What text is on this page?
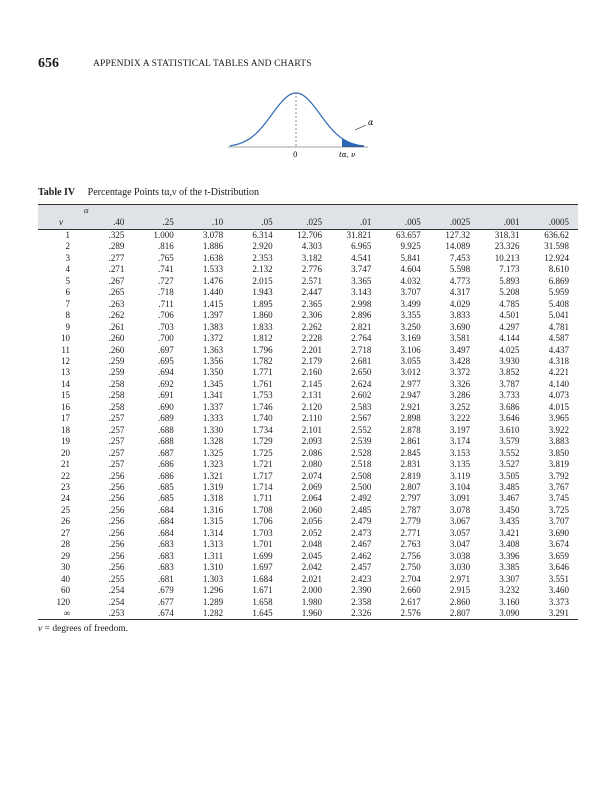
656	APPENDIX A STATISTICAL TABLES AND CHARTS
α
0	tα, ν
Table IV Percentage Points tα,ν of the t-Distribution
	α									
ν	.40	.25	.10	.05	.025	.01	.005	.0025	.001	.0005
1	.325	1.000	3.078	6.314	12.706	31.821	63.657	127.32	318.31	636.62
2	.289	.816	1.886	2.920	4.303	6.965	9.925	14.089	23.326	31.598
3	.277	.765	1.638	2.353	3.182	4.541	5.841	7.453	10.213	12.924
4	.271	.741	1.533	2.132	2.776	3.747	4.604	5.598	7.173	8.610
5	.267	.727	1.476	2.015	2.571	3.365	4.032	4.773	5.893	6.869
6	.265	.718	1.440	1.943	2.447	3.143	3.707	4.317	5.208	5.959
7	.263	.711	1.415	1.895	2.365	2.998	3.499	4.029	4.785	5.408
8	.262	.706	1.397	1.860	2.306	2.896	3.355	3.833	4.501	5.041
9	.261	.703	1.383	1.833	2.262	2.821	3.250	3.690	4.297	4.781
10	.260	.700	1.372	1.812	2.228	2.764	3.169	3.581	4.144	4.587
11	.260	.697	1.363	1.796	2.201	2.718	3.106	3.497	4.025	4.437
12	.259	.695	1.356	1.782	2.179	2.681	3.055	3.428	3.930	4.318
13	.259	.694	1.350	1.771	2.160	2.650	3.012	3.372	3.852	4.221
14	.258	.692	1.345	1.761	2.145	2.624	2.977	3.326	3.787	4.140
15	.258	.691	1.341	1.753	2.131	2.602	2.947	3.286	3.733	4.073
16	.258	.690	1.337	1.746	2.120	2.583	2.921	3.252	3.686	4.015
17	.257	.689	1.333	1.740	2.110	2.567	2.898	3.222	3.646	3.965
18	.257	.688	1.330	1.734	2.101	2.552	2.878	3.197	3.610	3.922
19	.257	.688	1.328	1.729	2.093	2.539	2.861	3.174	3.579	3.883
20	.257	.687	1.325	1.725	2.086	2.528	2.845	3.153	3.552	3.850
21	.257	.686	1.323	1.721	2.080	2.518	2.831	3.135	3.527	3.819
22	.256	.686	1.321	1.717	2.074	2.508	2.819	3.119	3.505	3.792
23	.256	.685	1.319	1.714	2.069	2.500	2.807	3.104	3.485	3.767
24	.256	.685	1.318	1.711	2.064	2.492	2.797	3.091	3.467	3.745
25	.256	.684	1.316	1.708	2.060	2.485	2.787	3.078	3.450	3.725
26	.256	.684	1.315	1.706	2.056	2.479	2.779	3.067	3.435	3.707
27	.256	.684	1.314	1.703	2.052	2.473	2.771	3.057	3.421	3.690
28	.256	.683	1.313	1.701	2.048	2.467	2.763	3.047	3.408	3.674
29	.256	.683	1.311	1.699	2.045	2.462	2.756	3.038	3.396	3.659
30	.256	.683	1.310	1.697	2.042	2.457	2.750	3.030	3.385	3.646
40	.255	.681	1.303	1.684	2.021	2.423	2.704	2.971	3.307	3.551
60	.254	.679	1.296	1.671	2.000	2.390	2.660	2.915	3.232	3.460
120	.254	.677	1.289	1.658	1.980	2.358	2.617	2.860	3.160	3.373
∞	.253	.674	1.282	1.645	1.960	2.326	2.576	2.807	3.090	3.291
ν = degrees of freedom.
